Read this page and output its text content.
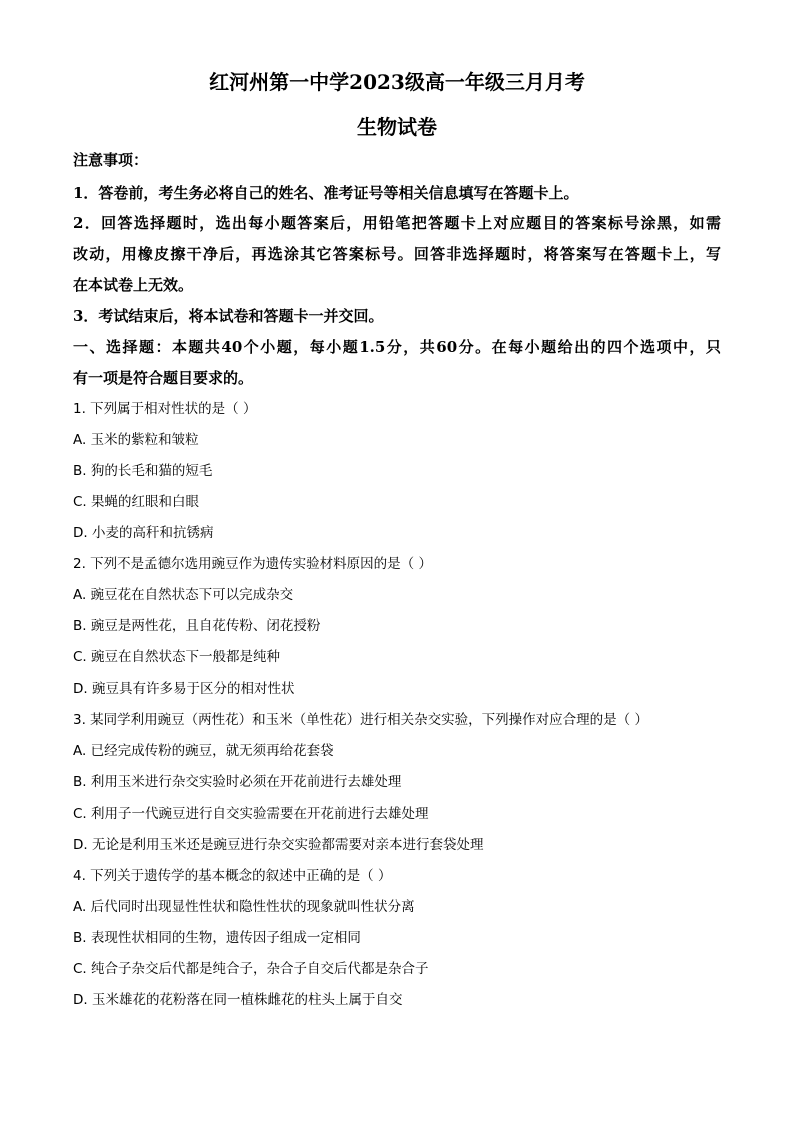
红河州第一中学2023级高一年级三月月考
生物试卷
注意事项：
1．答卷前，考生务必将自己的姓名、准考证号等相关信息填写在答题卡上。
2．回答选择题时，选出每小题答案后，用铅笔把答题卡上对应题目的答案标号涂黑，如需
改动，用橡皮擦干净后，再选涂其它答案标号。回答非选择题时，将答案写在答题卡上，写
在本试卷上无效。
3．考试结束后，将本试卷和答题卡一并交回。
一、选择题：本题共40个小题，每小题1.5分，共60分。在每小题给出的四个选项中，只
有一项是符合题目要求的。
1. 下列属于相对性状的是（ ）
A. 玉米的紫粒和皱粒
B. 狗的长毛和猫的短毛
C. 果蝇的红眼和白眼
D. 小麦的高秆和抗锈病
2. 下列不是孟德尔选用豌豆作为遗传实验材料原因的是（ ）
A. 豌豆花在自然状态下可以完成杂交
B. 豌豆是两性花，且自花传粉、闭花授粉
C. 豌豆在自然状态下一般都是纯种
D. 豌豆具有许多易于区分的相对性状
3. 某同学利用豌豆（两性花）和玉米（单性花）进行相关杂交实验，下列操作对应合理的是（ ）
A. 已经完成传粉的豌豆，就无须再给花套袋
B. 利用玉米进行杂交实验时必须在开花前进行去雄处理
C. 利用子一代豌豆进行自交实验需要在开花前进行去雄处理
D. 无论是利用玉米还是豌豆进行杂交实验都需要对亲本进行套袋处理
4. 下列关于遗传学的基本概念的叙述中正确的是（ ）
A. 后代同时出现显性性状和隐性性状的现象就叫性状分离
B. 表现性状相同的生物，遗传因子组成一定相同
C. 纯合子杂交后代都是纯合子，杂合子自交后代都是杂合子
D. 玉米雄花的花粉落在同一植株雌花的柱头上属于自交
